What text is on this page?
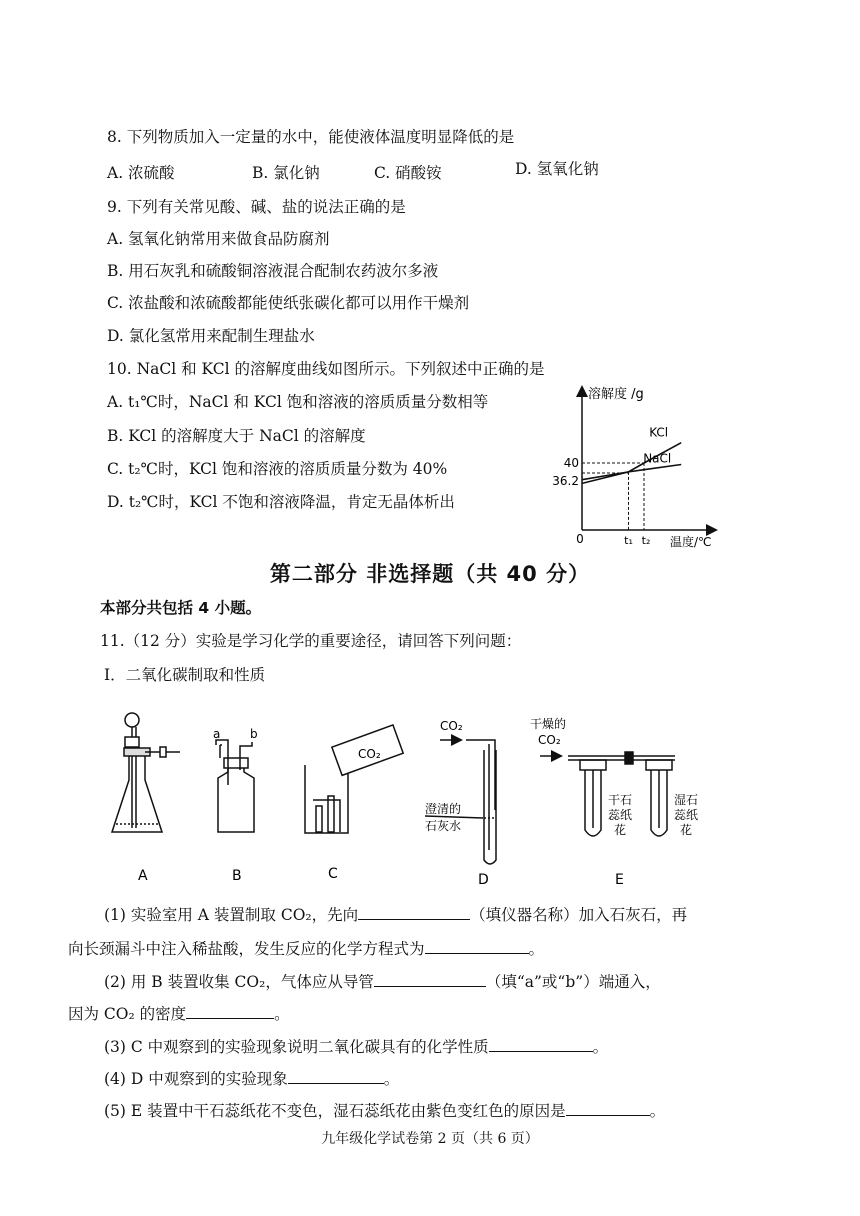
8. 下列物质加入一定量的水中，能使液体温度明显降低的是
A. 浓硫酸	B. 氯化钠	C. 硝酸铵	D. 氢氧化钠
9. 下列有关常见酸、碱、盐的说法正确的是
A. 氢氧化钠常用来做食品防腐剂
B. 用石灰乳和硫酸铜溶液混合配制农药波尔多液
C. 浓盐酸和浓硫酸都能使纸张碳化都可以用作干燥剂
D. 氯化氢常用来配制生理盐水
10. NaCl 和 KCl 的溶解度曲线如图所示。下列叙述中正确的是
A. t₁℃时，NaCl 和 KCl 饱和溶液的溶质质量分数相等
B. KCl 的溶解度大于 NaCl 的溶解度
C. t₂℃时，KCl 饱和溶液的溶质质量分数为 40%
D. t₂℃时，KCl 不饱和溶液降温，肯定无晶体析出
溶解度 /g
温度/℃
0	t₁ t₂
36.2
40
KCl
NaCl
第二部分 非选择题（共 40 分）
本部分共包括 4 小题。
11.（12 分）实验是学习化学的重要途径，请回答下列问题：
Ⅰ．二氧化碳制取和性质
a b
CO₂
CO₂
澄清的
石灰水
干燥的
CO₂
干石
蕊纸
花
湿石
蕊纸
花
A	B	C	D	E
(1) 实验室用 A 装置制取 CO₂，先向	（填仪器名称）加入石灰石，再
向长颈漏斗中注入稀盐酸，发生反应的化学方程式为	。
(2) 用 B 装置收集 CO₂，气体应从导管	（填“a”或“b”）端通入，
因为 CO₂ 的密度	。
(3) C 中观察到的实验现象说明二氧化碳具有的化学性质	。
(4) D 中观察到的实验现象	。
(5) E 装置中干石蕊纸花不变色，湿石蕊纸花由紫色变红色的原因是	。
九年级化学试卷第 2 页（共 6 页）
